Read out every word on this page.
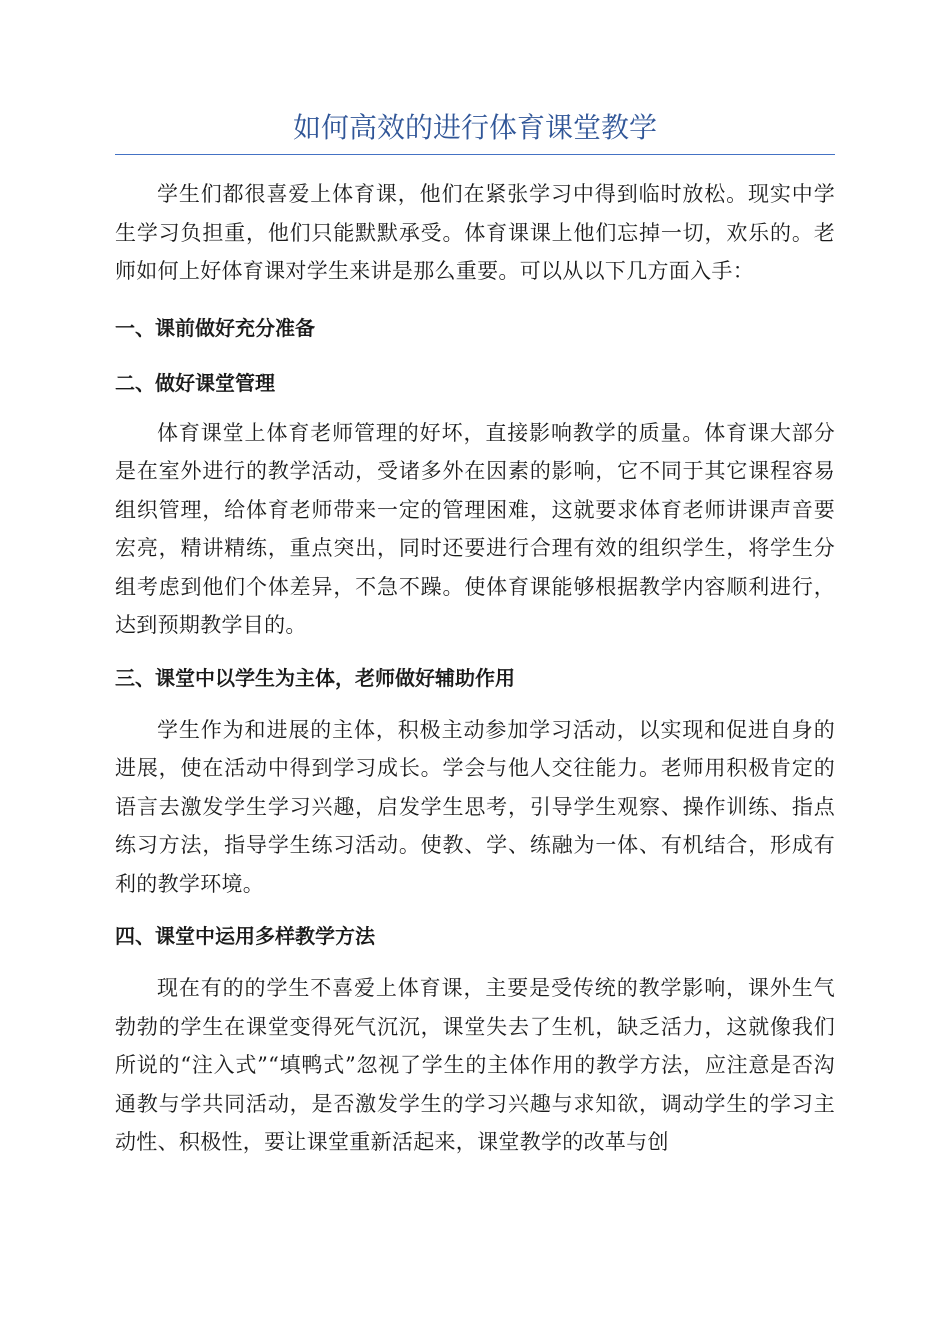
如何高效的进行体育课堂教学

学生们都很喜爱上体育课，他们在紧张学习中得到临时放松。现实中学生学习负担重，他们只能默默承受。体育课课上他们忘掉一切，欢乐的。老师如何上好体育课对学生来讲是那么重要。可以从以下几方面入手：

一、课前做好充分准备
二、做好课堂管理

体育课堂上体育老师管理的好坏，直接影响教学的质量。体育课大部分是在室外进行的教学活动，受诸多外在因素的影响，它不同于其它课程容易组织管理，给体育老师带来一定的管理困难，这就要求体育老师讲课声音要宏亮，精讲精练，重点突出，同时还要进行合理有效的组织学生，将学生分组考虑到他们个体差异，不急不躁。使体育课能够根据教学内容顺利进行，达到预期教学目的。

三、课堂中以学生为主体，老师做好辅助作用

学生作为和进展的主体，积极主动参加学习活动，以实现和促进自身的进展，使在活动中得到学习成长。学会与他人交往能力。老师用积极肯定的语言去激发学生学习兴趣，启发学生思考，引导学生观察、操作训练、指点练习方法，指导学生练习活动。使教、学、练融为一体、有机结合，形成有利的教学环境。

四、课堂中运用多样教学方法

现在有的的学生不喜爱上体育课，主要是受传统的教学影响，课外生气勃勃的学生在课堂变得死气沉沉，课堂失去了生机，缺乏活力，这就像我们所说的“注入式”“填鸭式”忽视了学生的主体作用的教学方法，应注意是否沟通教与学共同活动，是否激发学生的学习兴趣与求知欲，调动学生的学习主动性、积极性，要让课堂重新活起来，课堂教学的改革与创
